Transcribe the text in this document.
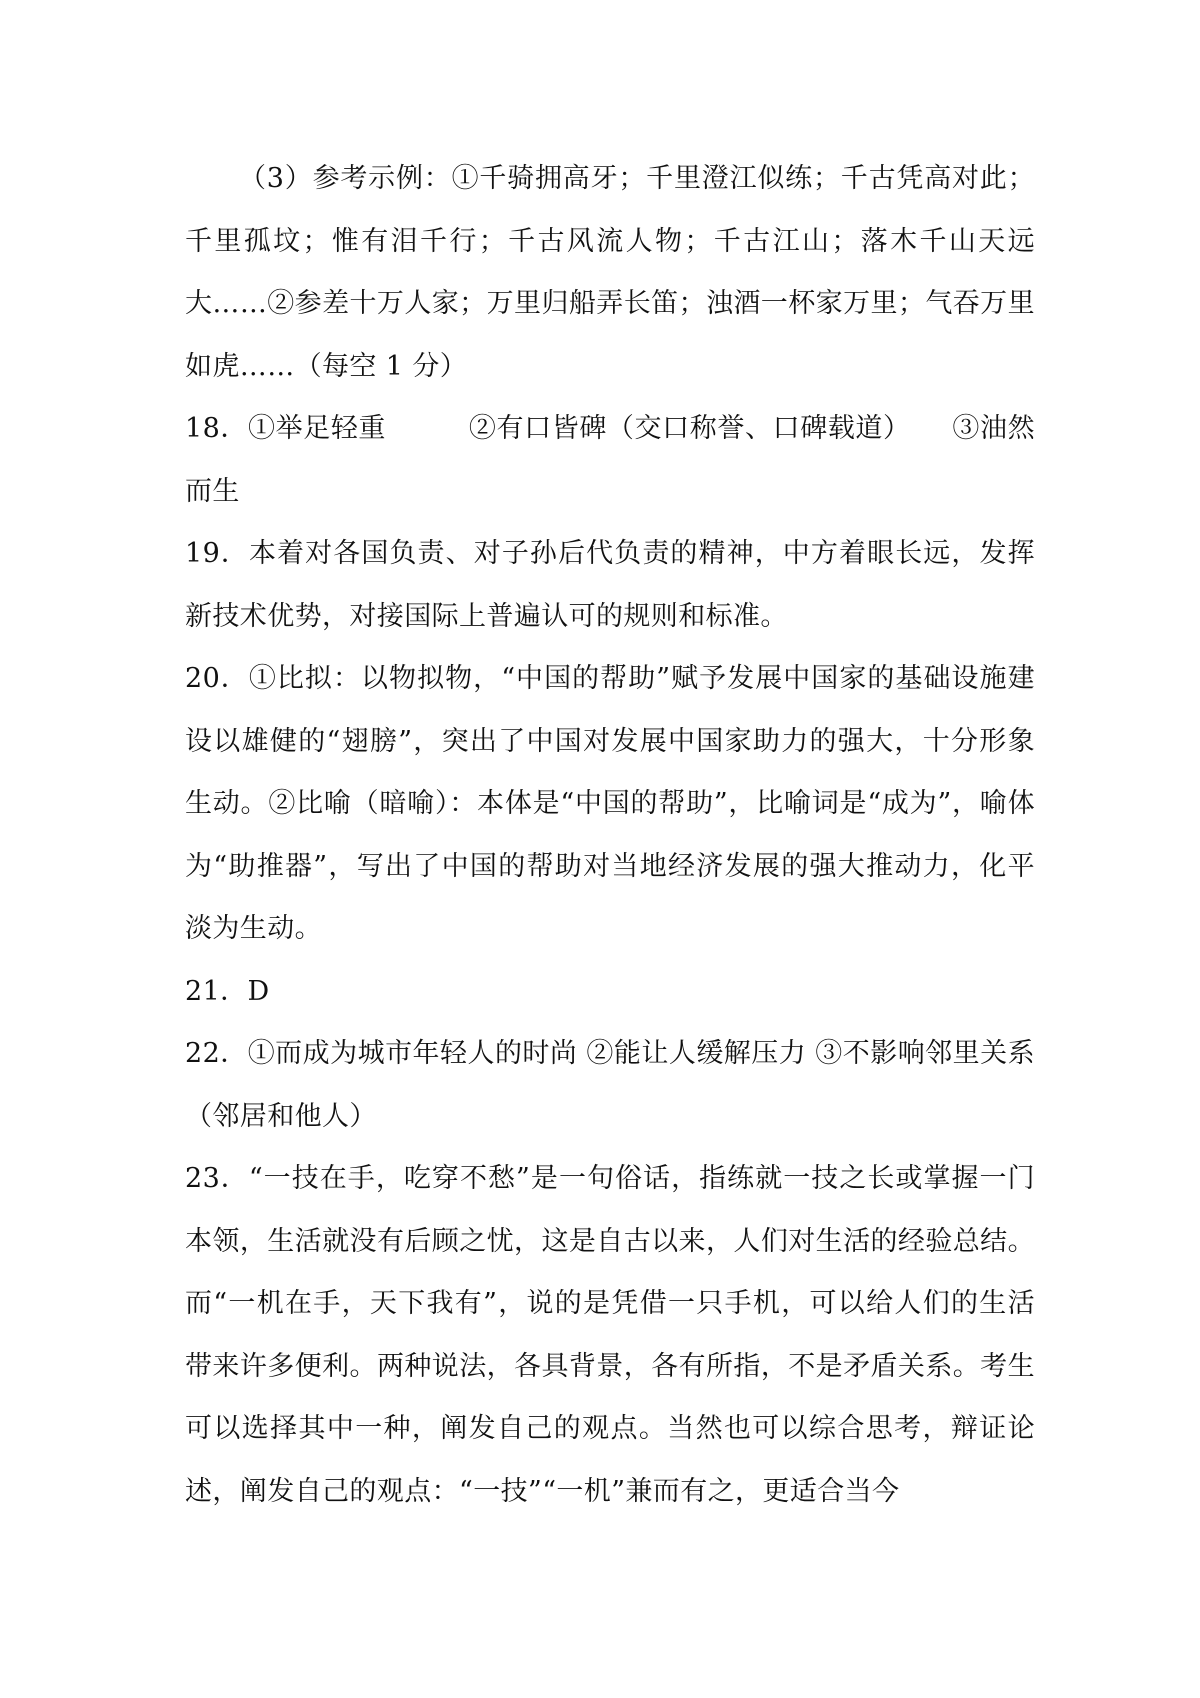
（3）参考示例：①千骑拥高牙；千里澄江似练；千古凭高对此；千里孤坟；惟有泪千行；千古风流人物；千古江山；落木千山天远大……②参差十万人家；万里归船弄长笛；浊酒一杯家万里；气吞万里如虎……（每空 1 分）

18．①举足轻重　　　②有口皆碑（交口称誉、口碑载道）　　③油然而生

19．本着对各国负责、对子孙后代负责的精神，中方着眼长远，发挥新技术优势，对接国际上普遍认可的规则和标准。

20．①比拟：以物拟物，“中国的帮助”赋予发展中国家的基础设施建设以雄健的“翅膀”，突出了中国对发展中国家助力的强大，十分形象生动。②比喻（暗喻）：本体是“中国的帮助”，比喻词是“成为”，喻体为“助推器”，写出了中国的帮助对当地经济发展的强大推动力，化平淡为生动。

21．D

22．①而成为城市年轻人的时尚 ②能让人缓解压力 ③不影响邻里关系（邻居和他人）

23．“一技在手，吃穿不愁”是一句俗话，指练就一技之长或掌握一门本领，生活就没有后顾之忧，这是自古以来，人们对生活的经验总结。而“一机在手，天下我有”，说的是凭借一只手机，可以给人们的生活带来许多便利。两种说法，各具背景，各有所指，不是矛盾关系。考生可以选择其中一种，阐发自己的观点。当然也可以综合思考，辩证论述，阐发自己的观点：“一技”“一机”兼而有之，更适合当今
